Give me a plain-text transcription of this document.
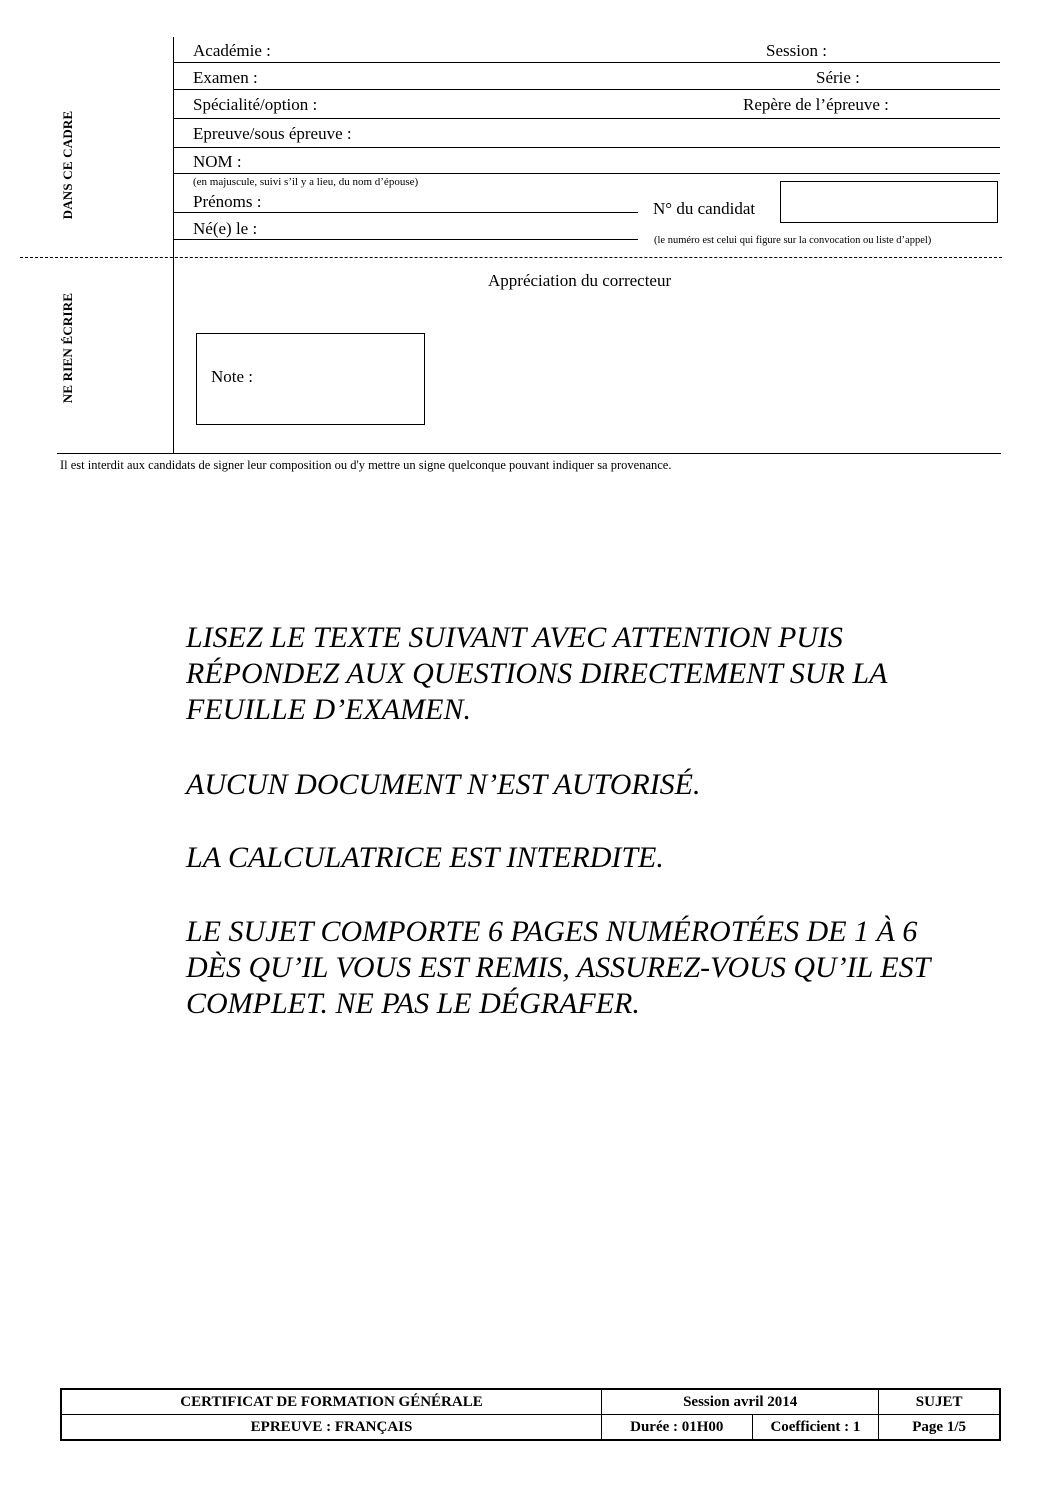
DANS CE CADRE
NE RIEN ÉCRIRE
Académie :	Session :
Examen :	Série :
Spécialité/option :	Repère de l’épreuve :
Epreuve/sous épreuve :
NOM :
(en majuscule, suivi s’il y a lieu, du nom d’épouse)
Prénoms :
Né(e) le :
N° du candidat
(le numéro est celui qui figure sur la convocation ou liste d’appel)
Appréciation du correcteur
Note :
Il est interdit aux candidats de signer leur composition ou d'y mettre un signe quelconque pouvant indiquer sa provenance.
LISEZ LE TEXTE SUIVANT AVEC ATTENTION PUIS
RÉPONDEZ AUX QUESTIONS DIRECTEMENT SUR LA
FEUILLE D’EXAMEN.
AUCUN DOCUMENT N’EST AUTORISÉ.
LA CALCULATRICE EST INTERDITE.
LE SUJET COMPORTE 6 PAGES NUMÉROTÉES DE 1 À 6
DÈS QU’IL VOUS EST REMIS, ASSUREZ-VOUS QU’IL EST
COMPLET. NE PAS LE DÉGRAFER.
CERTIFICAT DE FORMATION GÉNÉRALE	Session avril 2014		SUJET
EPREUVE : FRANÇAIS	Durée : 01H00	Coefficient : 1	Page 1/5
